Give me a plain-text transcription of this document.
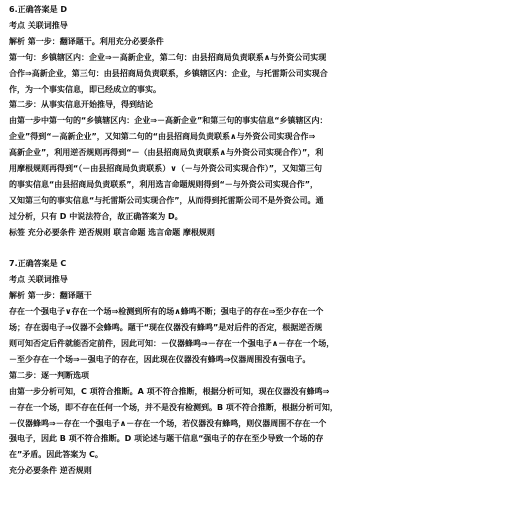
6.正确答案是 D
考点 关联词推导
解析 第一步：翻译题干。利用充分必要条件
第一句：乡镇辖区内：企业⇒－高新企业，第二句：由县招商局负责联系∧与外资公司实现
合作⇒高新企业，第三句：由县招商局负责联系，乡镇辖区内：企业，与托雷斯公司实现合
作，为一个事实信息，即已经成立的事实。
第二步：从事实信息开始推导，得到结论
由第一步中第一句的“乡镇辖区内：企业⇒－高新企业”和第三句的事实信息“乡镇辖区内：
企业”得到“－高新企业”，又知第二句的“由县招商局负责联系∧与外资公司实现合作⇒
高新企业”，利用逆否规则再得到“－（由县招商局负责联系∧与外资公司实现合作）”，利
用摩根规则再得到“（－由县招商局负责联系）∨（－与外资公司实现合作）”，又知第三句
的事实信息“由县招商局负责联系”，利用选言命题规则得到“－与外资公司实现合作”，
又知第三句的事实信息“与托雷斯公司实现合作”，从而得到托雷斯公司不是外资公司。通
过分析，只有 D 中说法符合，故正确答案为 D。
标签 充分必要条件 逆否规则 联言命题 选言命题 摩根规则
7.正确答案是 C
考点 关联词推导
解析 第一步：翻译题干
存在一个强电子∨存在一个场⇒检测到所有的场∧蜂鸣不断；强电子的存在⇒至少存在一个
场；存在弱电子⇒仪器不会蜂鸣。题干“现在仪器没有蜂鸣”是对后件的否定，根据逆否规
则可知否定后件就能否定前件，因此可知：－仪器蜂鸣⇒－存在一个强电子∧－存在一个场，
－至少存在一个场⇒－强电子的存在，因此现在仪器没有蜂鸣⇒仪器周围没有强电子。
第二步：逐一判断选项
由第一步分析可知，C 项符合推断。A 项不符合推断，根据分析可知，现在仪器没有蜂鸣⇒
－存在一个场，即不存在任何一个场，并不是没有检测到。B 项不符合推断，根据分析可知，
－仪器蜂鸣⇒－存在一个强电子∧－存在一个场，若仪器没有蜂鸣，则仪器周围不存在一个
强电子，因此 B 项不符合推断。D 项论述与题干信息“强电子的存在至少导致一个场的存
在”矛盾。因此答案为 C。
充分必要条件 逆否规则
